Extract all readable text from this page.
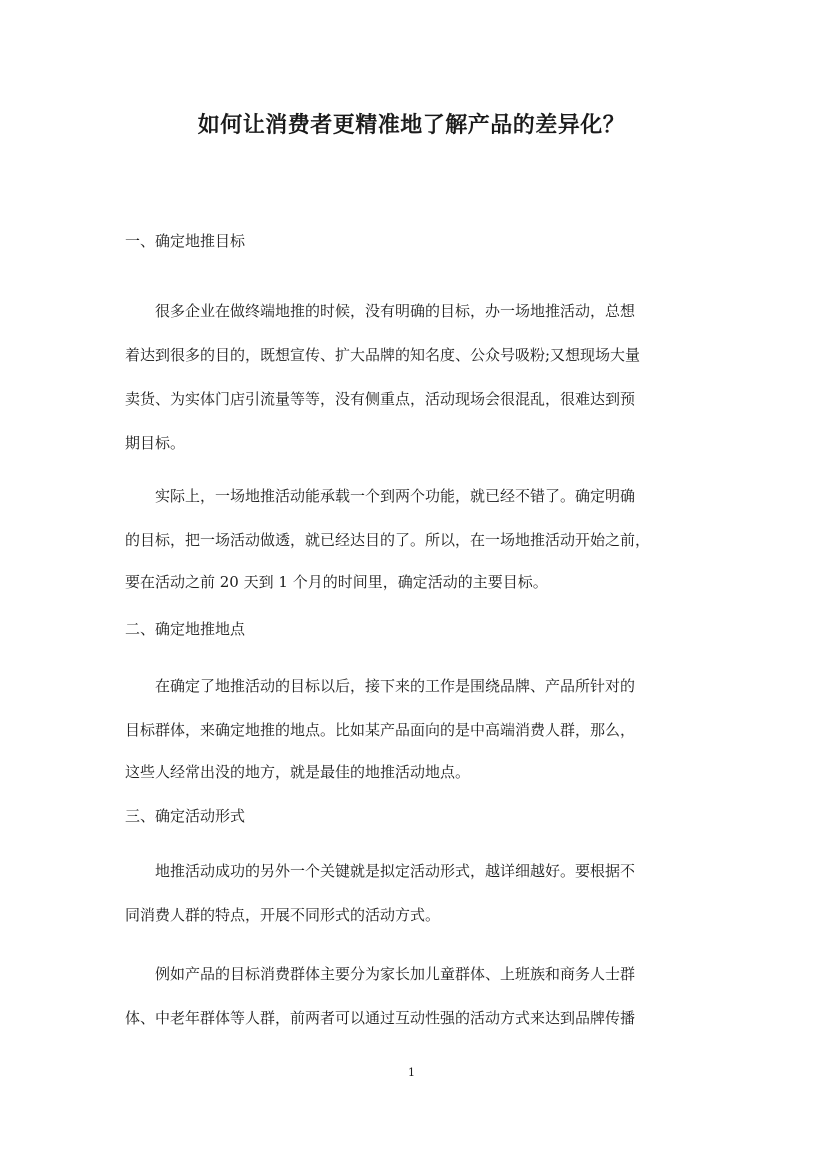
如何让消费者更精准地了解产品的差异化？
一、确定地推目标
　　很多企业在做终端地推的时候，没有明确的目标，办一场地推活动，总想
着达到很多的目的，既想宣传、扩大品牌的知名度、公众号吸粉;又想现场大量
卖货、为实体门店引流量等等，没有侧重点，活动现场会很混乱，很难达到预
期目标。
　　实际上，一场地推活动能承载一个到两个功能，就已经不错了。确定明确
的目标，把一场活动做透，就已经达目的了。所以，在一场地推活动开始之前，
要在活动之前 20 天到 1 个月的时间里，确定活动的主要目标。
二、确定地推地点
　　在确定了地推活动的目标以后，接下来的工作是围绕品牌、产品所针对的
目标群体，来确定地推的地点。比如某产品面向的是中高端消费人群，那么，
这些人经常出没的地方，就是最佳的地推活动地点。
三、确定活动形式
　　地推活动成功的另外一个关键就是拟定活动形式，越详细越好。要根据不
同消费人群的特点，开展不同形式的活动方式。
　　例如产品的目标消费群体主要分为家长加儿童群体、上班族和商务人士群
体、中老年群体等人群，前两者可以通过互动性强的活动方式来达到品牌传播
1
